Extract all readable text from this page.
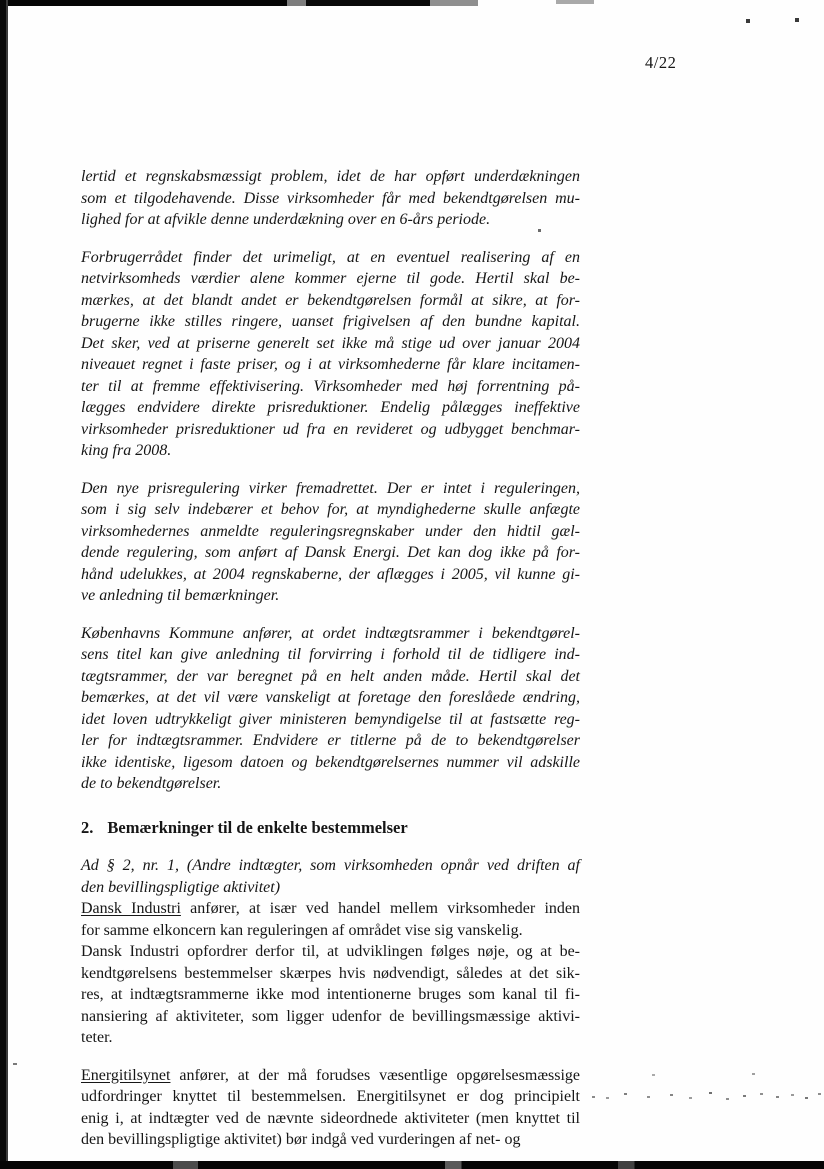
4/22
lertid et regnskabsmæssigt problem, idet de har opført underdækningen
som et tilgodehavende. Disse virksomheder får med bekendtgørelsen mu-
lighed for at afvikle denne underdækning over en 6-års periode.
Forbrugerrådet finder det urimeligt, at en eventuel realisering af en
netvirksomheds værdier alene kommer ejerne til gode. Hertil skal be-
mærkes, at det blandt andet er bekendtgørelsen formål at sikre, at for-
brugerne ikke stilles ringere, uanset frigivelsen af den bundne kapital.
Det sker, ved at priserne generelt set ikke må stige ud over januar 2004
niveauet regnet i faste priser, og i at virksomhederne får klare incitamen-
ter til at fremme effektivisering. Virksomheder med høj forrentning på-
lægges endvidere direkte prisreduktioner. Endelig pålægges ineffektive
virksomheder prisreduktioner ud fra en revideret og udbygget benchmar-
king fra 2008.
Den nye prisregulering virker fremadrettet. Der er intet i reguleringen,
som i sig selv indebærer et behov for, at myndighederne skulle anfægte
virksomhedernes anmeldte reguleringsregnskaber under den hidtil gæl-
dende regulering, som anført af Dansk Energi. Det kan dog ikke på for-
hånd udelukkes, at 2004 regnskaberne, der aflægges i 2005, vil kunne gi-
ve anledning til bemærkninger.
Københavns Kommune anfører, at ordet indtægtsrammer i bekendtgørel-
sens titel kan give anledning til forvirring i forhold til de tidligere ind-
tægtsrammer, der var beregnet på en helt anden måde. Hertil skal det
bemærkes, at det vil være vanskeligt at foretage den foreslåede ændring,
idet loven udtrykkeligt giver ministeren bemyndigelse til at fastsætte reg-
ler for indtægtsrammer. Endvidere er titlerne på de to bekendtgørelser
ikke identiske, ligesom datoen og bekendtgørelsernes nummer vil adskille
de to bekendtgørelser.
2. Bemærkninger til de enkelte bestemmelser
Ad § 2, nr. 1, (Andre indtægter, som virksomheden opnår ved driften af
den bevillingspligtige aktivitet)
Dansk Industri anfører, at især ved handel mellem virksomheder inden
for samme elkoncern kan reguleringen af området vise sig vanskelig.
Dansk Industri opfordrer derfor til, at udviklingen følges nøje, og at be-
kendtgørelsens bestemmelser skærpes hvis nødvendigt, således at det sik-
res, at indtægtsrammerne ikke mod intentionerne bruges som kanal til fi-
nansiering af aktiviteter, som ligger udenfor de bevillingsmæssige aktivi-
teter.
Energitilsynet anfører, at der må forudses væsentlige opgørelsesmæssige
udfordringer knyttet til bestemmelsen. Energitilsynet er dog principielt
enig i, at indtægter ved de nævnte sideordnede aktiviteter (men knyttet til
den bevillingspligtige aktivitet) bør indgå ved vurderingen af net- og
